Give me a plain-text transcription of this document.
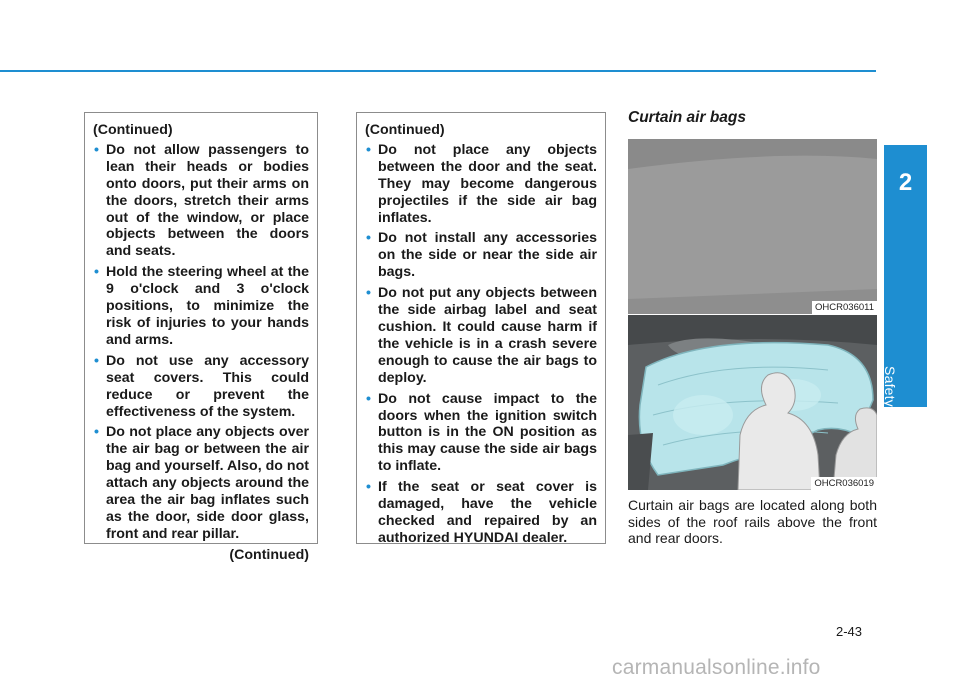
2
Safety system of your vehicle

(Continued)

• Do not allow passengers to lean their heads or bodies onto doors, put their arms on the doors, stretch their arms out of the window, or place objects between the doors and seats.
• Hold the steering wheel at the 9 o'clock and 3 o'clock positions, to minimize the risk of injuries to your hands and arms.
• Do not use any accessory seat covers. This could reduce or prevent the effectiveness of the system.
• Do not place any objects over the air bag or between the air bag and yourself. Also, do not attach any objects around the area the air bag inflates such as the door, side door glass, front and rear pillar.
(Continued)

(Continued)

• Do not place any objects between the door and the seat. They may become dangerous projectiles if the side air bag inflates.
• Do not install any accessories on the side or near the side air bags.
• Do not put any objects between the side airbag label and seat cushion. It could cause harm if the vehicle is in a crash severe enough to cause the air bags to deploy.
• Do not cause impact to the doors when the ignition switch button is in the ON position as this may cause the side air bags to inflate.
• If the seat or seat cover is damaged, have the vehicle checked and repaired by an authorized HYUNDAI dealer.
Curtain air bags
OHCR036011
OHCR036019
Curtain air bags are located along both sides of the roof rails above the front and rear doors.
2-43
carmanualsonline.info
